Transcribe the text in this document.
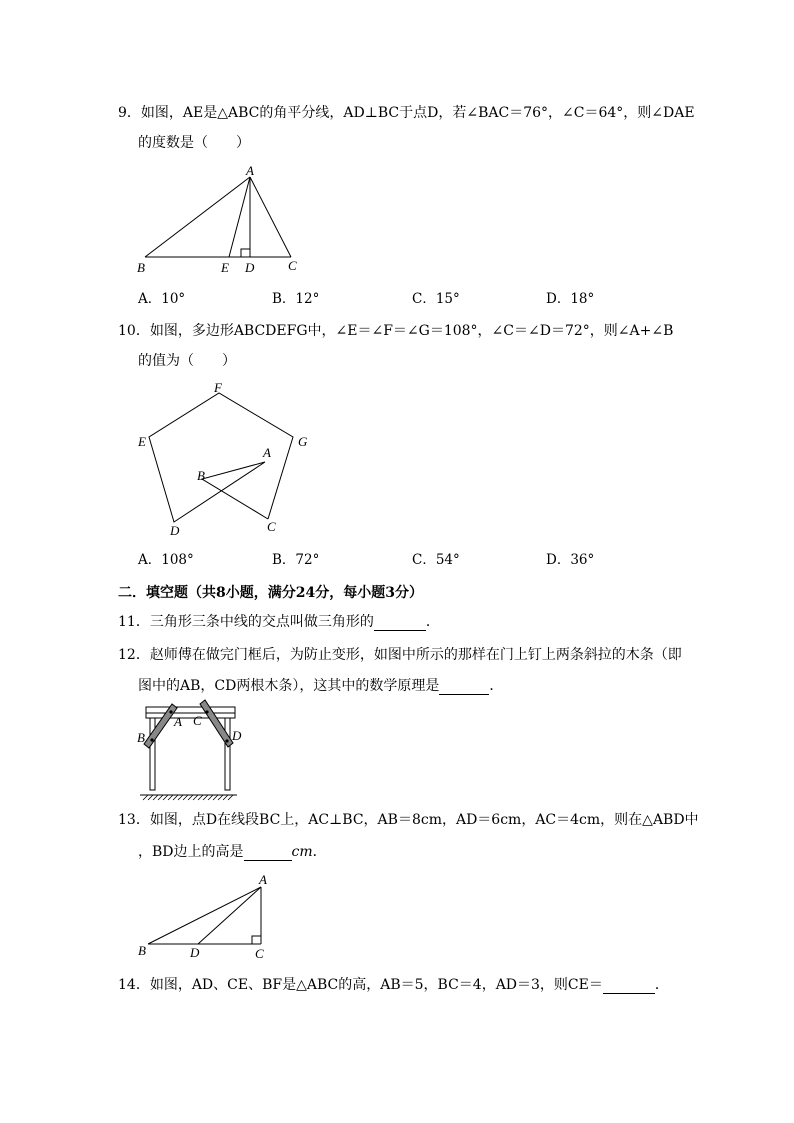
9．如图，AE是△ABC的角平分线，AD⊥BC于点D，若∠BAC＝76°，∠C＝64°，则∠DAE
的度数是（　　）
A
B	E D	C
A．10°	B．12°	C．15°	D．18°
10．如图，多边形ABCDEFG中，∠E＝∠F＝∠G＝108°，∠C＝∠D＝72°，则∠A+∠B
的值为（　　）
F
E	G
A
B
D	C
A．108°	B．72°	C．54°	D．36°
二．填空题（共8小题，满分24分，每小题3分）
11．三角形三条中线的交点叫做三角形的	．
12．赵师傅在做完门框后，为防止变形，如图中所示的那样在门上钉上两条斜拉的木条（即
图中的AB，CD两根木条），这其中的数学原理是	．
A C
B	D
13．如图，点D在线段BC上，AC⊥BC，AB＝8cm，AD＝6cm，AC＝4cm，则在△ABD中
，BD边上的高是	cm．
A
B	D	C
14．如图，AD、CE、BF是△ABC的高，AB＝5，BC＝4，AD＝3，则CE＝	．
